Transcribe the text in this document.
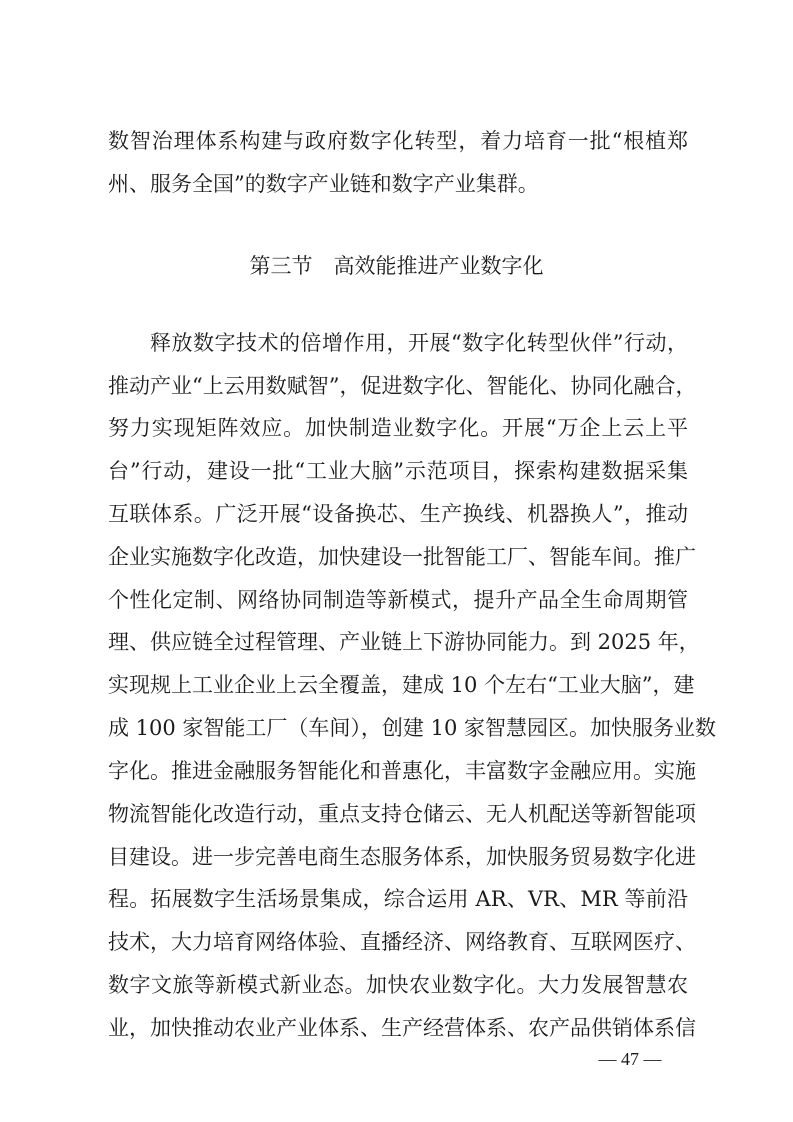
数智治理体系构建与政府数字化转型，着力培育一批“根植郑
州、服务全国”的数字产业链和数字产业集群。
第三节　高效能推进产业数字化
释放数字技术的倍增作用，开展“数字化转型伙伴”行动，
推动产业“上云用数赋智”，促进数字化、智能化、协同化融合，
努力实现矩阵效应。加快制造业数字化。开展“万企上云上平
台”行动，建设一批“工业大脑”示范项目，探索构建数据采集
互联体系。广泛开展“设备换芯、生产换线、机器换人”，推动
企业实施数字化改造，加快建设一批智能工厂、智能车间。推广
个性化定制、网络协同制造等新模式，提升产品全生命周期管
理、供应链全过程管理、产业链上下游协同能力。到 2025 年，
实现规上工业企业上云全覆盖，建成 10 个左右“工业大脑”，建
成 100 家智能工厂（车间），创建 10 家智慧园区。加快服务业数
字化。推进金融服务智能化和普惠化，丰富数字金融应用。实施
物流智能化改造行动，重点支持仓储云、无人机配送等新智能项
目建设。进一步完善电商生态服务体系，加快服务贸易数字化进
程。拓展数字生活场景集成，综合运用 AR、VR、MR 等前沿
技术，大力培育网络体验、直播经济、网络教育、互联网医疗、
数字文旅等新模式新业态。加快农业数字化。大力发展智慧农
业，加快推动农业产业体系、生产经营体系、农产品供销体系信
— 47 —
